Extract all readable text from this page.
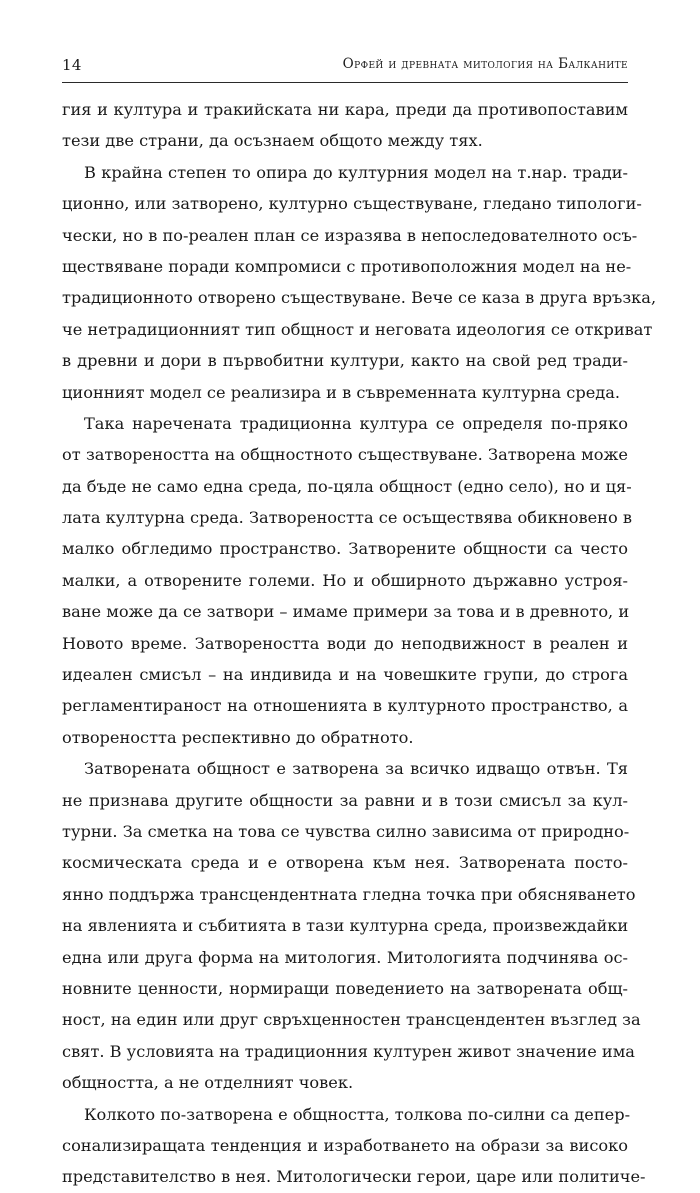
14	Орфей и древната митология на Балканите
гия и култура и тракийската ни кара, преди да противопоставим
тези две страни, да осъзнаем общото между тях.
В крайна степен то опира до културния модел на т.нар. тради-
ционно, или затворено, културно съществуване, гледано типологи-
чески, но в по-реален план се изразява в непоследователното осъ-
ществяване поради компромиси с противоположния модел на не-
традиционното отворено съществуване. Вече се каза в друга връзка,
че нетрадиционният тип общност и неговата идеология се откриват
в древни и дори в първобитни култури, както на свой ред тради-
ционният модел се реализира и в съвременната културна среда.
Така наречената традиционна култура се определя по-пряко
от затвореността на общностното съществуване. Затворена може
да бъде не само една среда, по-цяла общност (едно село), но и ця-
лата културна среда. Затвореността се осъществява обикновено в
малко обгледимо пространство. Затворените общности са често
малки, а отворените големи. Но и обширното държавно устроя-
ване може да се затвори – имаме примери за това и в древното, и
Новото време. Затвореността води до неподвижност в реален и
идеален смисъл – на индивида и на човешките групи, до строга
регламентираност на отношенията в културното пространство, а
отвореността респективно до обратното.
Затворената общност е затворена за всичко идващо отвън. Тя
не признава другите общности за равни и в този смисъл за кул-
турни. За сметка на това се чувства силно зависима от природно-
космическата среда и е отворена към нея. Затворената посто-
янно поддържа трансцендентната гледна точка при обясняването
на явленията и събитията в тази културна среда, произвеждайки
една или друга форма на митология. Митологията подчинява ос-
новните ценности, нормиращи поведението на затворената общ-
ност, на един или друг свръхценностен трансцендентен възглед за
свят. В условията на традиционния културен живот значение има
общността, а не отделният човек.
Колкото по-затворена е общността, толкова по-силни са депер-
сонализиращата тенденция и изработването на образи за високо
представителство в нея. Митологически герои, царе или политиче-
